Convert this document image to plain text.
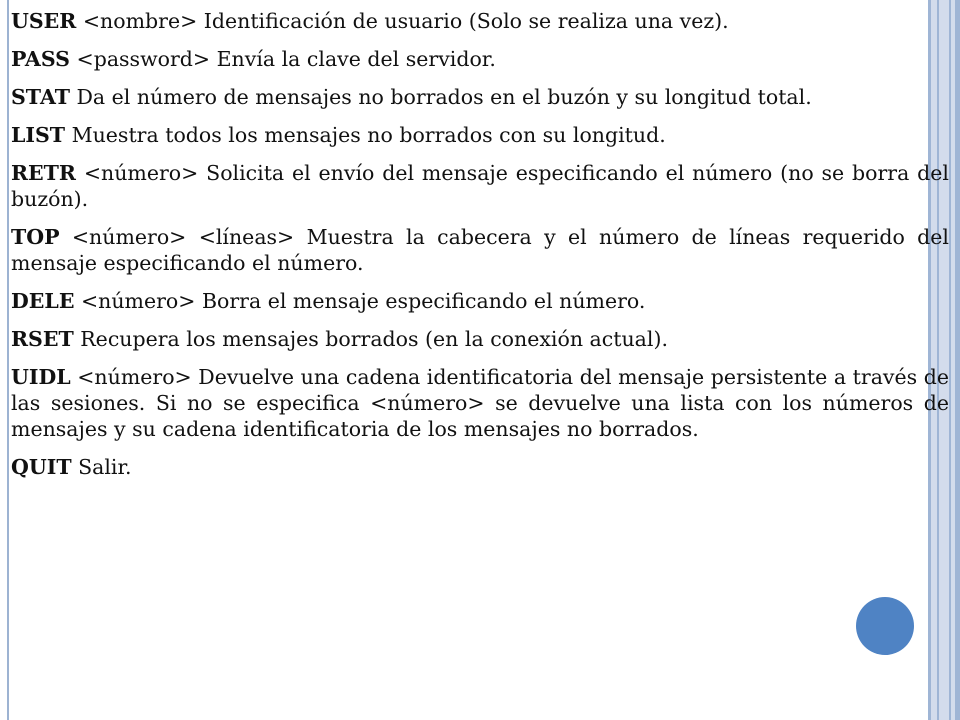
USER <nombre> Identificación de usuario (Solo se realiza una vez).

PASS <password> Envía la clave del servidor.

STAT Da el número de mensajes no borrados en el buzón y su longitud total.

LIST Muestra todos los mensajes no borrados con su longitud.

RETR <número> Solicita el envío del mensaje especificando el número (no se borra del buzón).

TOP <número> <líneas> Muestra la cabecera y el número de líneas requerido del mensaje especificando el número.

DELE <número> Borra el mensaje especificando el número.

RSET Recupera los mensajes borrados (en la conexión actual).

UIDL <número> Devuelve una cadena identificatoria del mensaje persistente a través de las sesiones. Si no se especifica <número> se devuelve una lista con los números de mensajes y su cadena identificatoria de los mensajes no borrados.

QUIT Salir.
